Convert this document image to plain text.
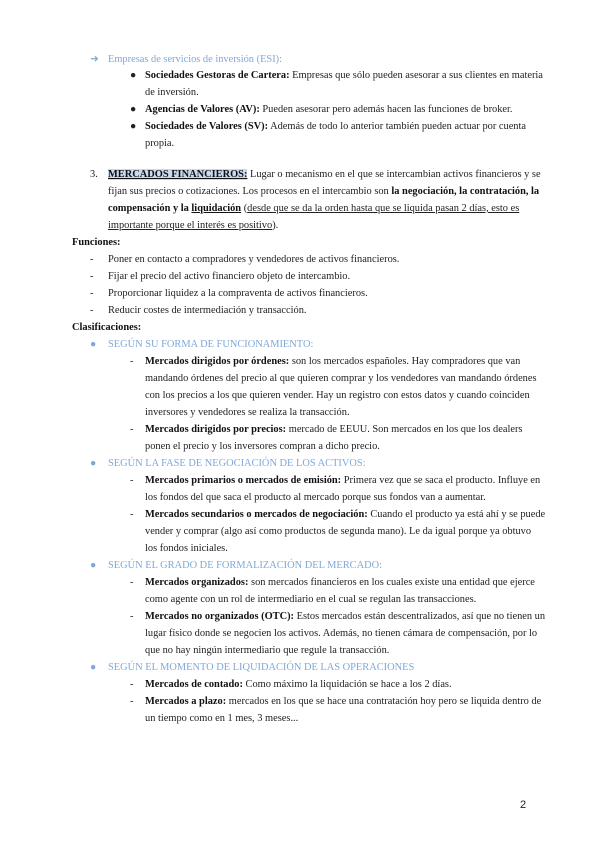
➜ Empresas de servicios de inversión (ESI):
● Sociedades Gestoras de Cartera: Empresas que sólo pueden asesorar a sus clientes en materia
de inversión.
● Agencias de Valores (AV): Pueden asesorar pero además hacen las funciones de broker.
● Sociedades de Valores (SV): Además de todo lo anterior también pueden actuar por cuenta
propia.
3. MERCADOS FINANCIEROS: Lugar o mecanismo en el que se intercambian activos financieros y se
fijan sus precios o cotizaciones. Los procesos en el intercambio son la negociación, la contratación, la
compensación y la liquidación (desde que se da la orden hasta que se liquida pasan 2 días, esto es
importante porque el interés es positivo).
Funciones:
- Poner en contacto a compradores y vendedores de activos financieros.
- Fijar el precio del activo financiero objeto de intercambio.
- Proporcionar liquidez a la compraventa de activos financieros.
- Reducir costes de intermediación y transacción.
Clasificaciones:
● SEGÚN SU FORMA DE FUNCIONAMIENTO:
- Mercados dirigidos por órdenes: son los mercados españoles. Hay compradores que van
mandando órdenes del precio al que quieren comprar y los vendedores van mandando órdenes
con los precios a los que quieren vender. Hay un registro con estos datos y cuando coinciden
inversores y vendedores se realiza la transacción.
- Mercados dirigidos por precios: mercado de EEUU. Son mercados en los que los dealers
ponen el precio y los inversores compran a dicho precio.
● SEGÚN LA FASE DE NEGOCIACIÓN DE LOS ACTIVOS:
- Mercados primarios o mercados de emisión: Primera vez que se saca el producto. Influye en
los fondos del que saca el producto al mercado porque sus fondos van a aumentar.
- Mercados secundarios o mercados de negociación: Cuando el producto ya está ahí y se puede
vender y comprar (algo así como productos de segunda mano). Le da igual porque ya obtuvo
los fondos iniciales.
● SEGÚN EL GRADO DE FORMALIZACIÓN DEL MERCADO:
- Mercados organizados: son mercados financieros en los cuales existe una entidad que ejerce
como agente con un rol de intermediario en el cual se regulan las transacciones.
- Mercados no organizados (OTC): Estos mercados están descentralizados, así que no tienen un
lugar físico donde se negocien los activos. Además, no tienen cámara de compensación, por lo
que no hay ningún intermediario que regule la transacción.
● SEGÚN EL MOMENTO DE LIQUIDACIÓN DE LAS OPERACIONES
- Mercados de contado: Como máximo la liquidación se hace a los 2 días.
- Mercados a plazo: mercados en los que se hace una contratación hoy pero se liquida dentro de
un tiempo como en 1 mes, 3 meses...
2
